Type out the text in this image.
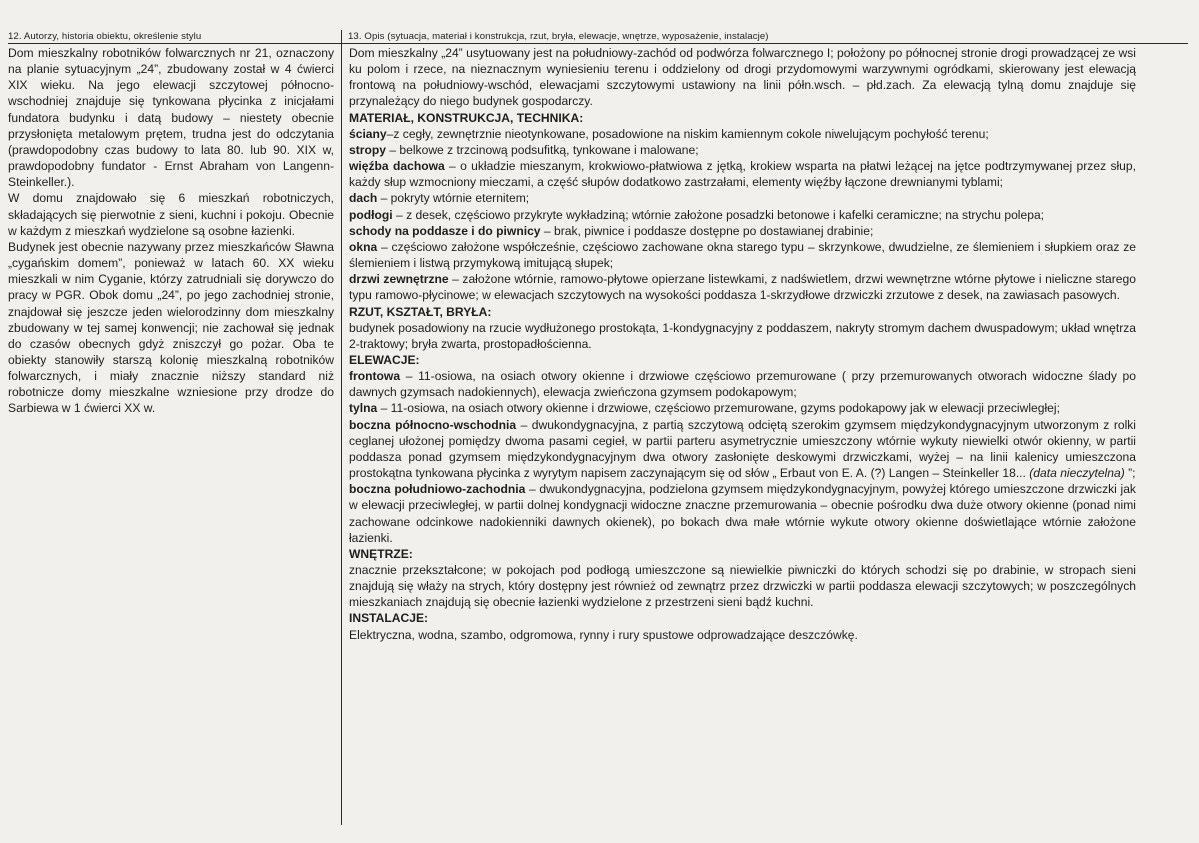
12. Autorzy, historia obiektu, określenie stylu	13. Opis (sytuacja, materiał i konstrukcja, rzut, bryła, elewacje, wnętrze, wyposażenie, instalacje)

Dom mieszkalny robotników folwarcznych nr 21, oznaczony na planie sytuacyjnym „24”, zbudowany został w 4 ćwierci XIX wieku. Na jego elewacji szczytowej północno-wschodniej znajduje się tynkowana płycinka z inicjałami fundatora budynku i datą budowy – niestety obecnie przysłonięta metalowym prętem, trudna jest do odczytania (prawdopodobny czas budowy to lata 80. lub 90. XIX w, prawdopodobny fundator - Ernst Abraham von Langenn-Steinkeller.).

W domu znajdowało się 6 mieszkań robotniczych, składających się pierwotnie z sieni, kuchni i pokoju. Obecnie w każdym z mieszkań wydzielone są osobne łazienki.

Budynek jest obecnie nazywany przez mieszkańców Sławna „cygańskim domem”, ponieważ w latach 60. XX wieku mieszkali w nim Cyganie, którzy zatrudniali się dorywczo do pracy w PGR. Obok domu „24”, po jego zachodniej stronie, znajdował się jeszcze jeden wielorodzinny dom mieszkalny zbudowany w tej samej konwencji; nie zachował się jednak do czasów obecnych gdyż zniszczył go pożar. Oba te obiekty stanowiły starszą kolonię mieszkalną robotników folwarcznych, i miały znacznie niższy standard niż robotnicze domy mieszkalne wzniesione przy drodze do Sarbiewa w 1 ćwierci XX w.

Dom mieszkalny „24” usytuowany jest na południowy-zachód od podwórza folwarcznego I; położony po północnej stronie drogi prowadzącej ze wsi ku polom i rzece, na nieznacznym wyniesieniu terenu i oddzielony od drogi przydomowymi warzywnymi ogródkami, skierowany jest elewacją frontową na południowy-wschód, elewacjami szczytowymi ustawiony na linii półn.wsch. – płd.zach. Za elewacją tylną domu znajduje się przynależący do niego budynek gospodarczy.

MATERIAŁ, KONSTRUKCJA, TECHNIKA:

ściany–z cegły, zewnętrznie nieotynkowane, posadowione na niskim kamiennym cokole niwelującym pochyłość terenu;

stropy – belkowe z trzcinową podsufitką, tynkowane i malowane;

więźba dachowa – o układzie mieszanym, krokwiowo-płatwiowa z jętką, krokiew wsparta na płatwi leżącej na jętce podtrzymywanej przez słup, każdy słup wzmocniony mieczami, a część słupów dodatkowo zastrzałami, elementy więźby łączone drewnianymi tyblami;

dach – pokryty wtórnie eternitem;

podłogi – z desek, częściowo przykryte wykładziną; wtórnie założone posadzki betonowe i kafelki ceramiczne; na strychu polepa;

schody na poddasze i do piwnicy – brak, piwnice i poddasze dostępne po dostawianej drabinie;

okna – częściowo założone współcześnie, częściowo zachowane okna starego typu – skrzynkowe, dwudzielne, ze ślemieniem i słupkiem oraz ze ślemieniem i listwą przymykową imitującą słupek;

drzwi zewnętrzne – założone wtórnie, ramowo-płytowe opierzane listewkami, z nadświetlem, drzwi wewnętrzne wtórne płytowe i nieliczne starego typu ramowo-płycinowe; w elewacjach szczytowych na wysokości poddasza 1-skrzydłowe drzwiczki zrzutowe z desek, na zawiasach pasowych.

RZUT, KSZTAŁT, BRYŁA:

budynek posadowiony na rzucie wydłużonego prostokąta, 1-kondygnacyjny z poddaszem, nakryty stromym dachem dwuspadowym; układ wnętrza 2-traktowy; bryła zwarta, prostopadłościenna.

ELEWACJE:

frontowa – 11-osiowa, na osiach otwory okienne i drzwiowe częściowo przemurowane ( przy przemurowanych otworach widoczne ślady po dawnych gzymsach nadokiennych), elewacja zwieńczona gzymsem podokapowym;

tylna – 11-osiowa, na osiach otwory okienne i drzwiowe, częściowo przemurowane, gzyms podokapowy jak w elewacji przeciwległej;

boczna północno-wschodnia – dwukondygnacyjna, z partią szczytową odciętą szerokim gzymsem międzykondygnacyjnym utworzonym z rolki ceglanej ułożonej pomiędzy dwoma pasami cegieł, w partii parteru asymetrycznie umieszczony wtórnie wykuty niewielki otwór okienny, w partii poddasza ponad gzymsem międzykondygnacyjnym dwa otwory zasłonięte deskowymi drzwiczkami, wyżej – na linii kalenicy umieszczona prostokątna tynkowana płycinka z wyrytym napisem zaczynającym się od słów „ Erbaut von E. A. (?) Langen – Steinkeller 18... (data nieczytelna) ”;

boczna południowo-zachodnia – dwukondygnacyjna, podzielona gzymsem międzykondygnacyjnym, powyżej którego umieszczone drzwiczki jak w elewacji przeciwległej, w partii dolnej kondygnacji widoczne znaczne przemurowania – obecnie pośrodku dwa duże otwory okienne (ponad nimi zachowane odcinkowe nadokienniki dawnych okienek), po bokach dwa małe wtórnie wykute otwory okienne doświetlające wtórnie założone łazienki.

WNĘTRZE:

znacznie przekształcone; w pokojach pod podłogą umieszczone są niewielkie piwniczki do których schodzi się po drabinie, w stropach sieni znajdują się właży na strych, który dostępny jest również od zewnątrz przez drzwiczki w partii poddasza elewacji szczytowych; w poszczególnych mieszkaniach znajdują się obecnie łazienki wydzielone z przestrzeni sieni bądź kuchni.

INSTALACJE:

Elektryczna, wodna, szambo, odgromowa, rynny i rury spustowe odprowadzające deszczówkę.
